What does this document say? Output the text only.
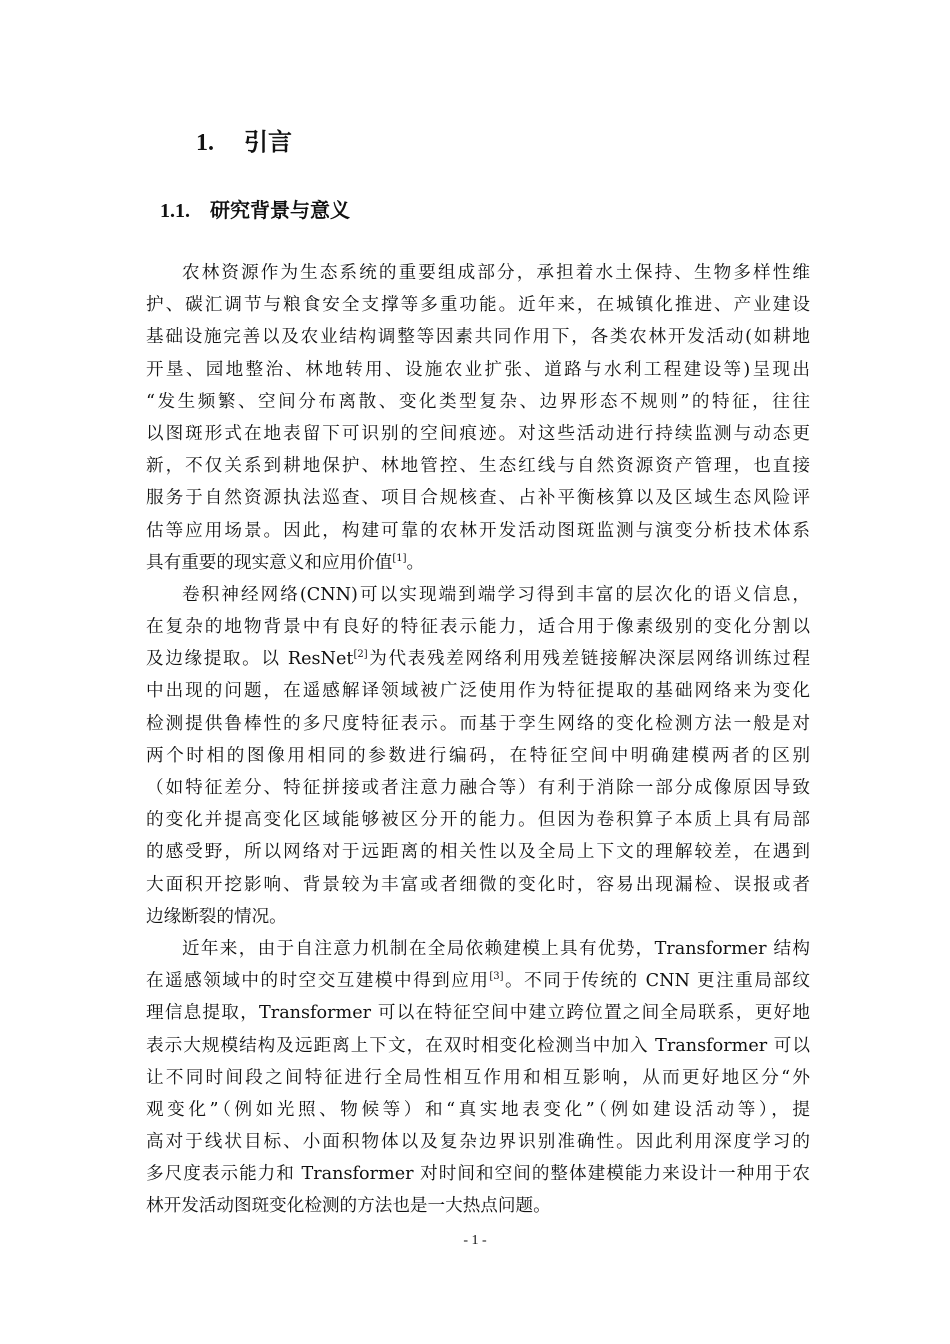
1. 引言
1.1. 研究背景与意义
农林资源作为生态系统的重要组成部分，承担着水土保持、生物多样性维
护、碳汇调节与粮食安全支撑等多重功能。近年来，在城镇化推进、产业建设
基础设施完善以及农业结构调整等因素共同作用下，各类农林开发活动(如耕地
开垦、园地整治、林地转用、设施农业扩张、道路与水利工程建设等)呈现出
“发生频繁、空间分布离散、变化类型复杂、边界形态不规则”的特征，往往
以图斑形式在地表留下可识别的空间痕迹。对这些活动进行持续监测与动态更
新，不仅关系到耕地保护、林地管控、生态红线与自然资源资产管理，也直接
服务于自然资源执法巡查、项目合规核查、占补平衡核算以及区域生态风险评
估等应用场景。因此，构建可靠的农林开发活动图斑监测与演变分析技术体系
具有重要的现实意义和应用价值[1]。
卷积神经网络(CNN)可以实现端到端学习得到丰富的层次化的语义信息，
在复杂的地物背景中有良好的特征表示能力，适合用于像素级别的变化分割以
及边缘提取。以 ResNet[2]为代表残差网络利用残差链接解决深层网络训练过程
中出现的问题，在遥感解译领域被广泛使用作为特征提取的基础网络来为变化
检测提供鲁棒性的多尺度特征表示。而基于孪生网络的变化检测方法一般是对
两个时相的图像用相同的参数进行编码，在特征空间中明确建模两者的区别
（如特征差分、特征拼接或者注意力融合等）有利于消除一部分成像原因导致
的变化并提高变化区域能够被区分开的能力。但因为卷积算子本质上具有局部
的感受野，所以网络对于远距离的相关性以及全局上下文的理解较差，在遇到
大面积开挖影响、背景较为丰富或者细微的变化时，容易出现漏检、误报或者
边缘断裂的情况。
近年来，由于自注意力机制在全局依赖建模上具有优势，Transformer 结构
在遥感领域中的时空交互建模中得到应用[3]。不同于传统的 CNN 更注重局部纹
理信息提取，Transformer 可以在特征空间中建立跨位置之间全局联系，更好地
表示大规模结构及远距离上下文，在双时相变化检测当中加入 Transformer 可以
让不同时间段之间特征进行全局性相互作用和相互影响，从而更好地区分“外
观变化”（例如光照、物候等）和“真实地表变化”（例如建设活动等），提
高对于线状目标、小面积物体以及复杂边界识别准确性。因此利用深度学习的
多尺度表示能力和 Transformer 对时间和空间的整体建模能力来设计一种用于农
林开发活动图斑变化检测的方法也是一大热点问题。
- 1 -
